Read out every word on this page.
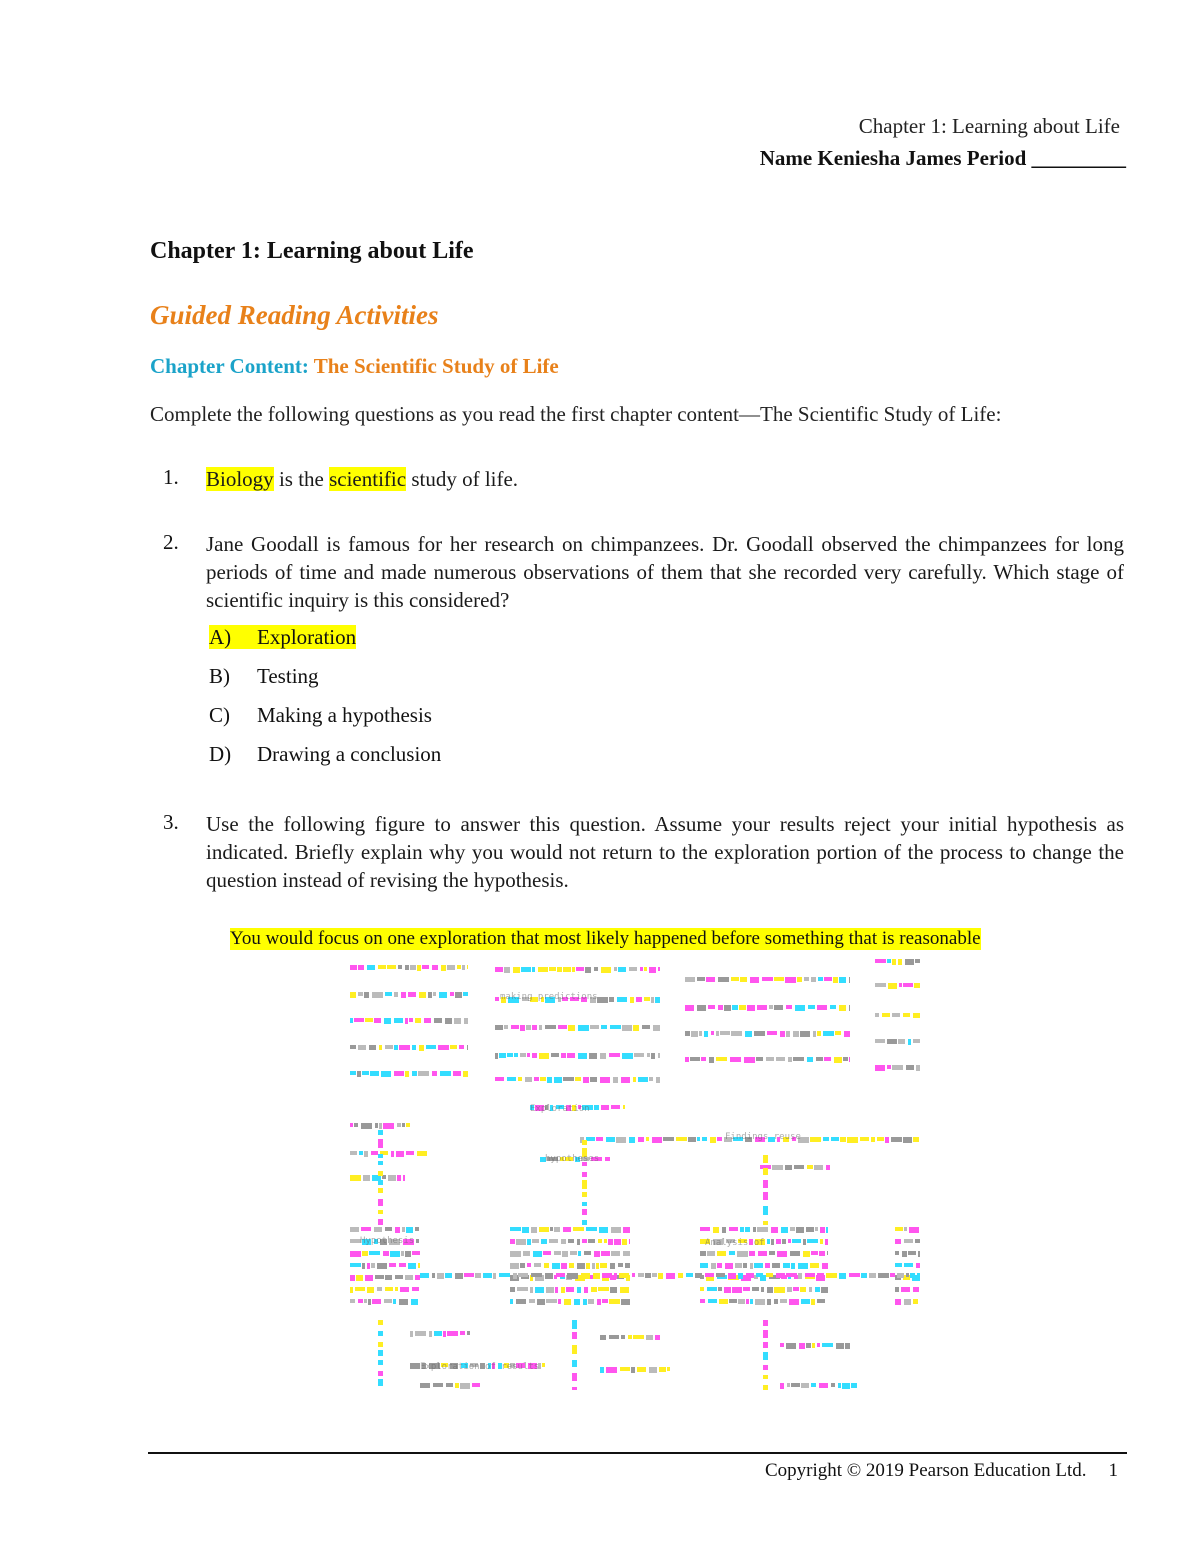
Chapter 1: Learning about Life
Name Keniesha James Period _________
Chapter 1: Learning about Life
Guided Reading Activities
Chapter Content: The Scientific Study of Life
Complete the following questions as you read the first chapter content—The Scientific Study of Life:
1. Biology is the scientific study of life.
2. Jane Goodall is famous for her research on chimpanzees. Dr. Goodall observed the chimpanzees for long periods of time and made numerous observations of them that she recorded very carefully. Which stage of scientific inquiry is this considered?
A) Exploration
B) Testing
C) Making a hypothesis
D) Drawing a conclusion
3. Use the following figure to answer this question. Assume your results reject your initial hypothesis as indicated. Briefly explain why you would not return to the exploration portion of the process to change the question instead of revising the hypothesis.
You would focus on one exploration that most likely happened before something that is reasonable
making predictions
Exploration
Findings reuse
hypotheses
Hypothesis	Analysis of
Exploration of results
Copyright © 2019 Pearson Education Ltd. 1
